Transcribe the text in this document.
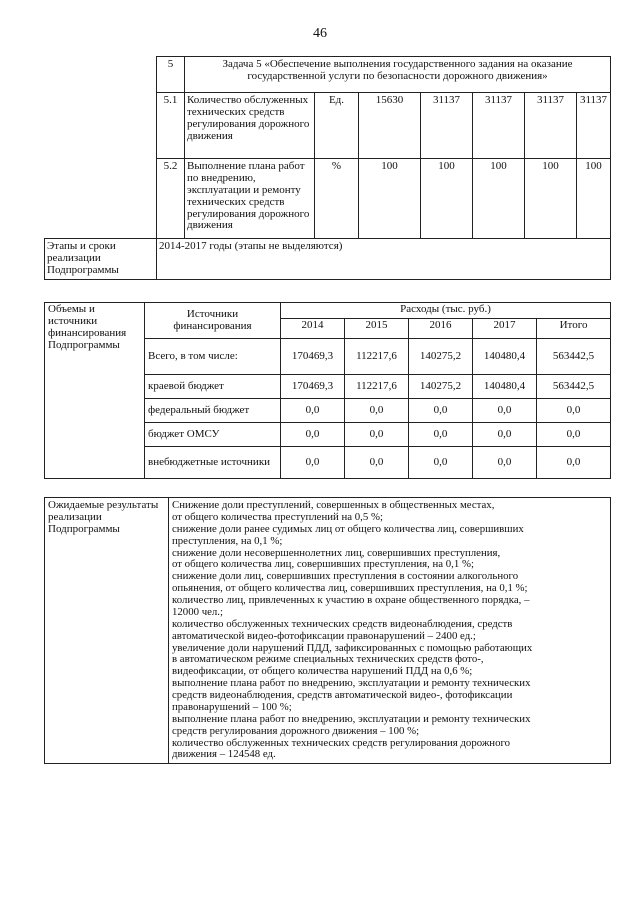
46
	5	Задача 5 «Обеспечение выполнения государственного задания на оказание государственной услуги по безопасности дорожного движения»						
	5.1	Количество обслуженных технических средств регулирования дорожного движения	Ед.	15630	31137	31137	31137	31137
	5.2	Выполнение плана работ по внедрению, эксплуатации и ремонту технических средств регулирования дорожного движения	%	100	100	100	100	100
Этапы и сроки реализации Подпрограммы	2014-2017 годы (этапы не выделяются)							
Объемы и источники финансирования Подпрограммы	Источники финансирования	Расходы (тыс. руб.)				
		2014	2015	2016	2017	Итого
	Всего, в том числе:	170469,3	112217,6	140275,2	140480,4	563442,5
	краевой бюджет	170469,3	112217,6	140275,2	140480,4	563442,5
	федеральный бюджет	0,0	0,0	0,0	0,0	0,0
	бюджет ОМСУ	0,0	0,0	0,0	0,0	0,0
	внебюджетные источники	0,0	0,0	0,0	0,0	0,0
Ожидаемые результаты реализации Подпрограммы	
Снижение доли преступлений, совершенных в общественных местах,
от общего количества преступлений на 0,5 %;
снижение доли ранее судимых лиц от общего количества лиц, совершивших
преступления, на 0,1 %;
снижение доли несовершеннолетних лиц, совершивших преступления,
от общего количества лиц, совершивших преступления, на 0,1 %;
снижение доли лиц, совершивших преступления в состоянии алкогольного
опьянения, от общего количества лиц, совершивших преступления, на 0,1 %;
количество лиц, привлеченных к участию в охране общественного порядка, –
12000 чел.;
количество обслуженных технических средств видеонаблюдения, средств
автоматической видео-фотофиксации правонарушений – 2400 ед.;
увеличение доли нарушений ПДД, зафиксированных с помощью работающих
в автоматическом режиме специальных технических средств фото-,
видеофиксации, от общего количества нарушений ПДД на 0,6 %;
выполнение плана работ по внедрению, эксплуатации и ремонту технических
средств видеонаблюдения, средств автоматической видео-, фотофиксации
правонарушений – 100 %;
выполнение плана работ по внедрению, эксплуатации и ремонту технических
средств регулирования дорожного движения – 100 %;
количество обслуженных технических средств регулирования дорожного
движения – 124548 ед.
